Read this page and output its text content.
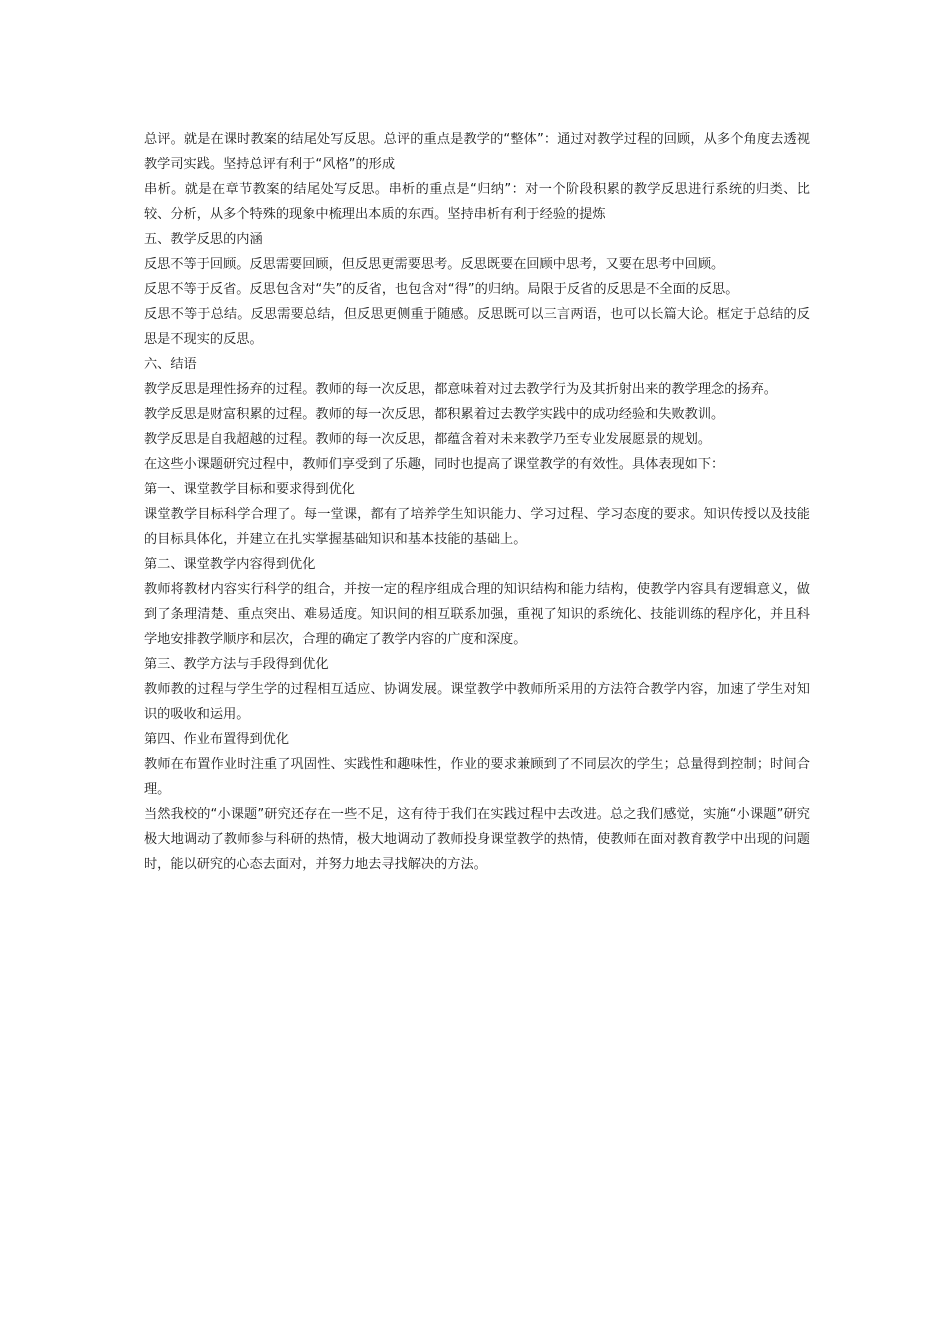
总评。就是在课时教案的结尾处写反思。总评的重点是教学的“整体”：通过对教学过程的回顾，从多个角度去透视教学司实践。坚持总评有利于“风格”的形成

串析。就是在章节教案的结尾处写反思。串析的重点是“归纳”：对一个阶段积累的教学反思进行系统的归类、比较、分析，从多个特殊的现象中梳理出本质的东西。坚持串析有利于经验的提炼

五、教学反思的内涵

反思不等于回顾。反思需要回顾，但反思更需要思考。反思既要在回顾中思考，又要在思考中回顾。

反思不等于反省。反思包含对“失”的反省，也包含对“得”的归纳。局限于反省的反思是不全面的反思。

反思不等于总结。反思需要总结，但反思更侧重于随感。反思既可以三言两语，也可以长篇大论。框定于总结的反思是不现实的反思。

六、结语

教学反思是理性扬弃的过程。教师的每一次反思，都意味着对过去教学行为及其折射出来的教学理念的扬弃。

教学反思是财富积累的过程。教师的每一次反思，都积累着过去教学实践中的成功经验和失败教训。

教学反思是自我超越的过程。教师的每一次反思，都蕴含着对未来教学乃至专业发展愿景的规划。

在这些小课题研究过程中，教师们享受到了乐趣，同时也提高了课堂教学的有效性。具体表现如下：

第一、课堂教学目标和要求得到优化

课堂教学目标科学合理了。每一堂课，都有了培养学生知识能力、学习过程、学习态度的要求。知识传授以及技能的目标具体化，并建立在扎实掌握基础知识和基本技能的基础上。

第二、课堂教学内容得到优化

教师将教材内容实行科学的组合，并按一定的程序组成合理的知识结构和能力结构，使教学内容具有逻辑意义，做到了条理清楚、重点突出、难易适度。知识间的相互联系加强，重视了知识的系统化、技能训练的程序化，并且科学地安排教学顺序和层次，合理的确定了教学内容的广度和深度。

第三、教学方法与手段得到优化

教师教的过程与学生学的过程相互适应、协调发展。课堂教学中教师所采用的方法符合教学内容，加速了学生对知识的吸收和运用。

第四、作业布置得到优化

教师在布置作业时注重了巩固性、实践性和趣味性，作业的要求兼顾到了不同层次的学生；总量得到控制；时间合理。

当然我校的“小课题”研究还存在一些不足，这有待于我们在实践过程中去改进。总之我们感觉，实施“小课题”研究极大地调动了教师参与科研的热情，极大地调动了教师投身课堂教学的热情，使教师在面对教育教学中出现的问题时，能以研究的心态去面对，并努力地去寻找解决的方法。
